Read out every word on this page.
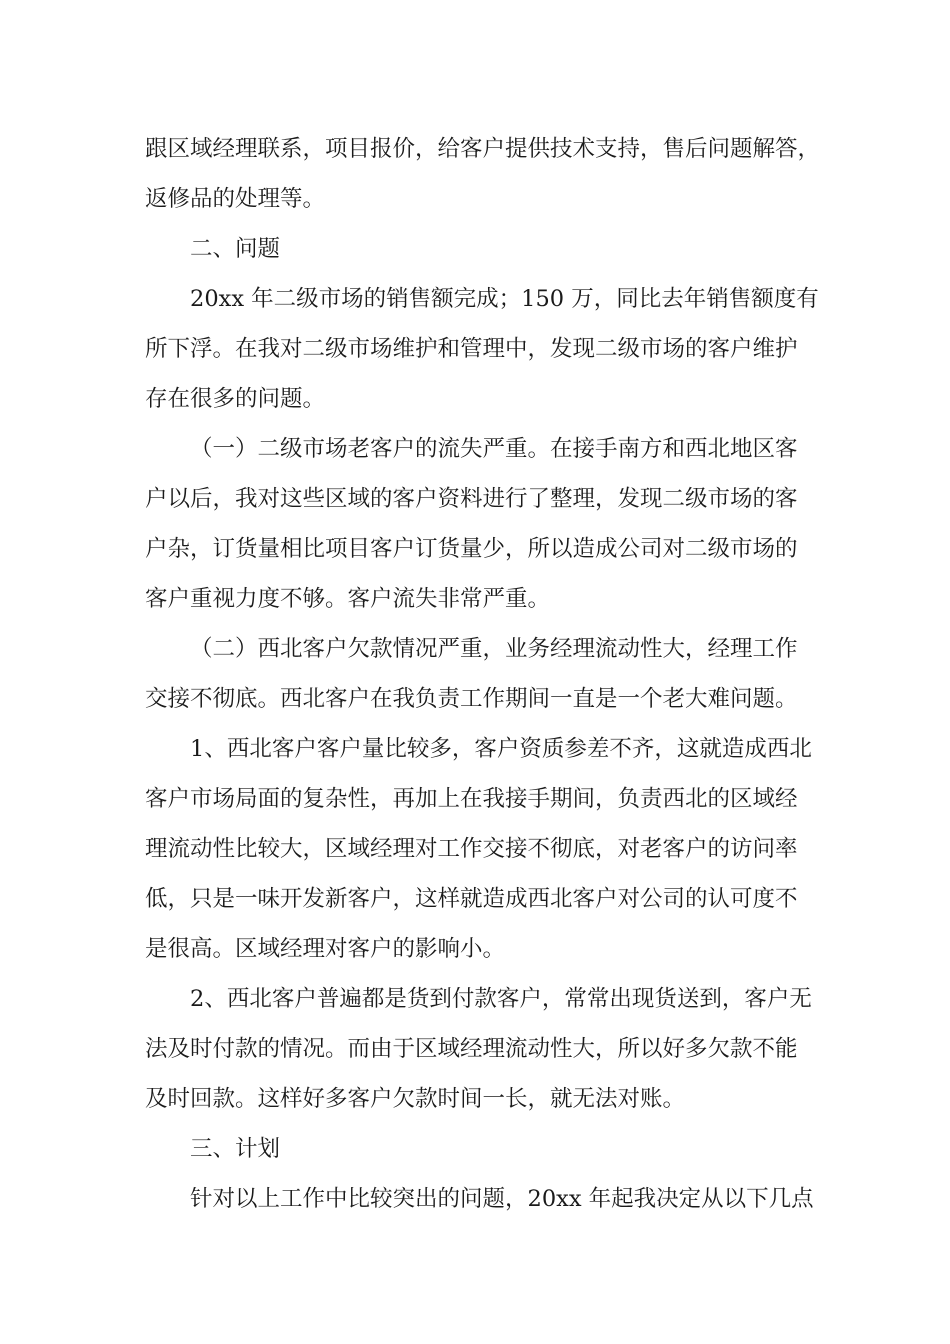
跟区域经理联系，项目报价，给客户提供技术支持，售后问题解答，
返修品的处理等。
二、问题
20xx 年二级市场的销售额完成；150 万，同比去年销售额度有
所下浮。在我对二级市场维护和管理中，发现二级市场的客户维护
存在很多的问题。
（一）二级市场老客户的流失严重。在接手南方和西北地区客
户以后，我对这些区域的客户资料进行了整理，发现二级市场的客
户杂，订货量相比项目客户订货量少，所以造成公司对二级市场的
客户重视力度不够。客户流失非常严重。
（二）西北客户欠款情况严重，业务经理流动性大，经理工作
交接不彻底。西北客户在我负责工作期间一直是一个老大难问题。
1、西北客户客户量比较多，客户资质参差不齐，这就造成西北
客户市场局面的复杂性，再加上在我接手期间，负责西北的区域经
理流动性比较大，区域经理对工作交接不彻底，对老客户的访问率
低，只是一味开发新客户，这样就造成西北客户对公司的认可度不
是很高。区域经理对客户的影响小。
2、西北客户普遍都是货到付款客户，常常出现货送到，客户无
法及时付款的情况。而由于区域经理流动性大，所以好多欠款不能
及时回款。这样好多客户欠款时间一长，就无法对账。
三、计划
针对以上工作中比较突出的问题，20xx 年起我决定从以下几点
